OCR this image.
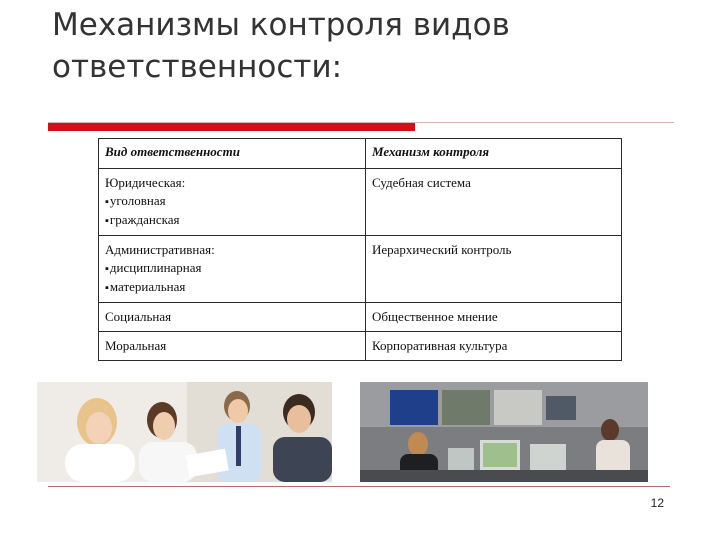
Механизмы контроля видов
ответственности:
Вид ответственности	Механизм контроля

Юридическая:
▪ уголовная
▪ гражданская	Судебная система

Административная:
▪ дисциплинарная
▪ материальная	Иерархический контроль

Социальная	Общественное мнение

Моральная	Корпоративная культура
12
